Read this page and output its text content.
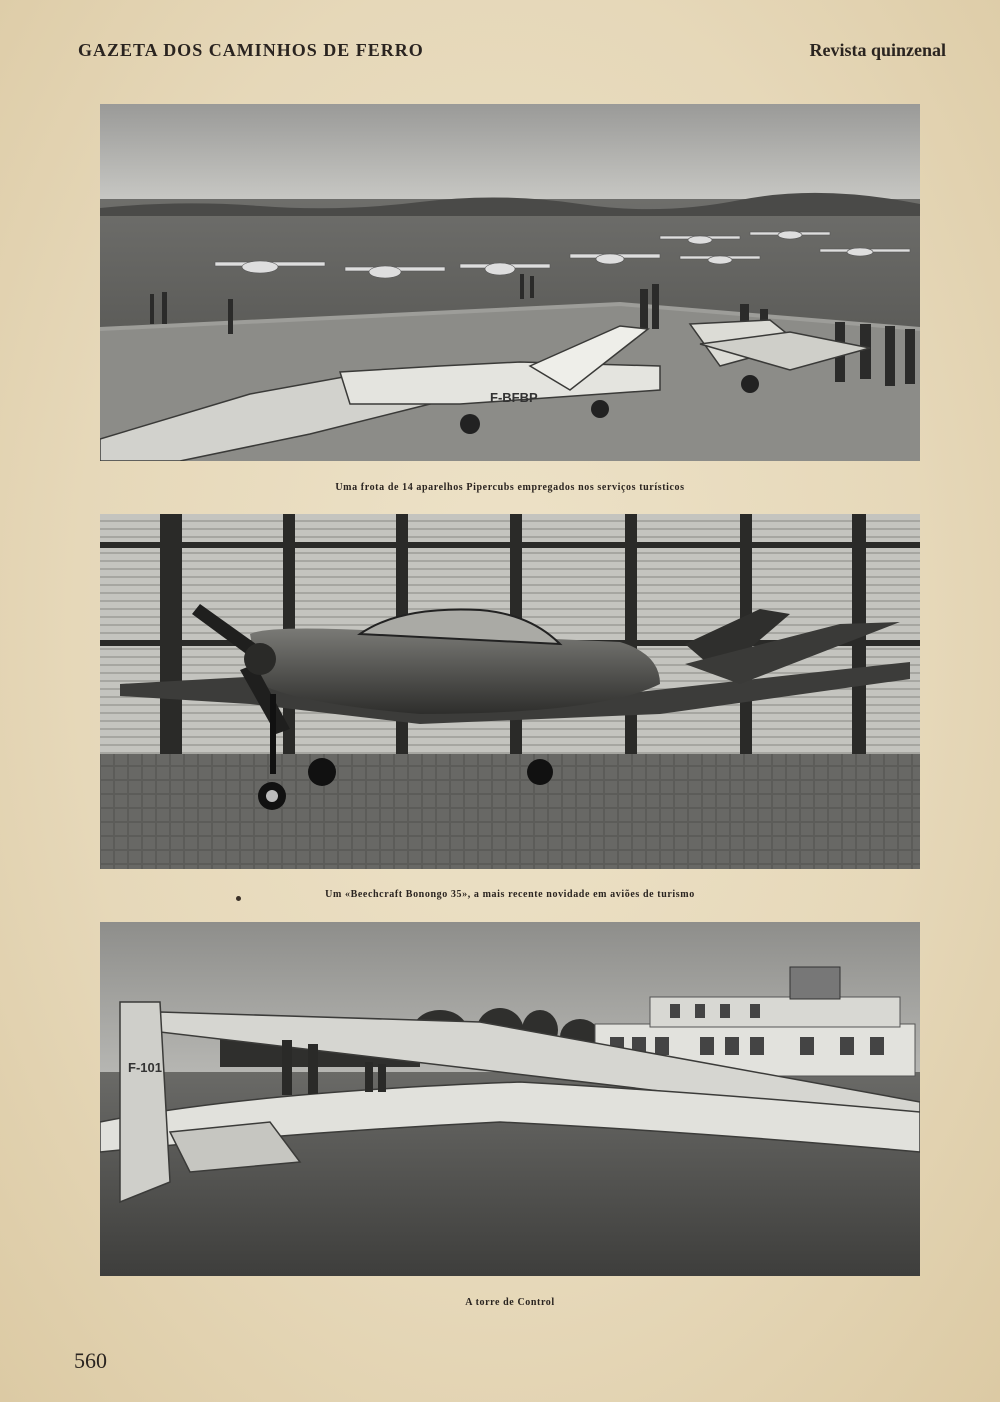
GAZETA DOS CAMINHOS DE FERRO	Revista quinzenal
F-BFBP
Uma frota de 14 aparelhos Pipercubs empregados nos serviços turísticos
Um «Beechcraft Bonongo 35», a mais recente novidade em aviões de turismo
F-101
A torre de Control
560
